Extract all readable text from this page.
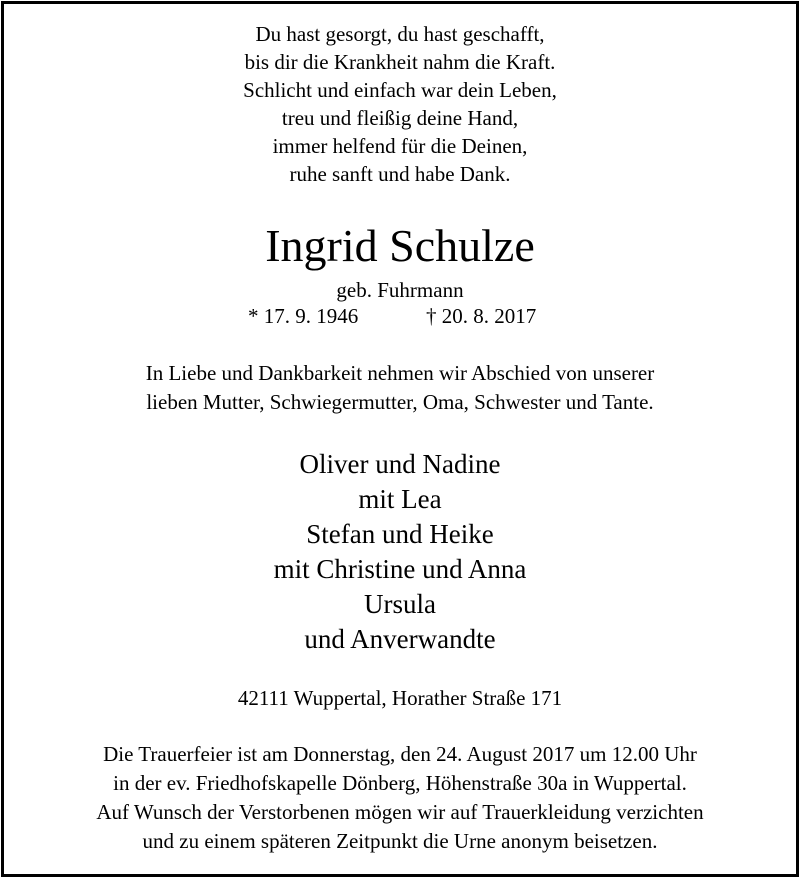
Du hast gesorgt, du hast geschafft,
bis dir die Krankheit nahm die Kraft.
Schlicht und einfach war dein Leben,
treu und fleißig deine Hand,
immer helfend für die Deinen,
ruhe sanft und habe Dank.
Ingrid Schulze
geb. Fuhrmann
* 17. 9. 1946	† 20. 8. 2017
In Liebe und Dankbarkeit nehmen wir Abschied von unserer
lieben Mutter, Schwiegermutter, Oma, Schwester und Tante.
Oliver und Nadine
mit Lea
Stefan und Heike
mit Christine und Anna
Ursula
und Anverwandte
42111 Wuppertal, Horather Straße 171
Die Trauerfeier ist am Donnerstag, den 24. August 2017 um 12.00 Uhr
in der ev. Friedhofskapelle Dönberg, Höhenstraße 30a in Wuppertal.
Auf Wunsch der Verstorbenen mögen wir auf Trauerkleidung verzichten
und zu einem späteren Zeitpunkt die Urne anonym beisetzen.
